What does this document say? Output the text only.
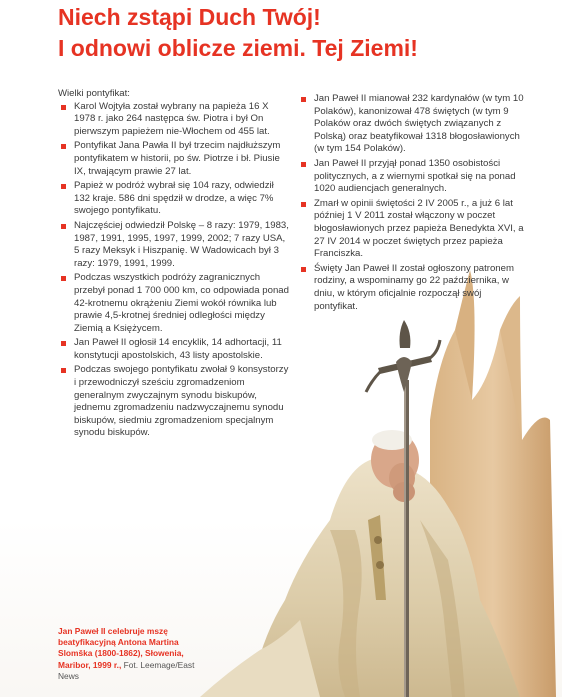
Niech zstąpi Duch Twój!
I odnowi oblicze ziemi. Tej Ziemi!
Wielki pontyfikat:
Karol Wojtyła został wybrany na papieża 16 X 1978 r. jako 264 następca św. Piotra i był On pierwszym papieżem nie-Włochem od 455 lat.
Pontyfikat Jana Pawła II był trzecim najdłuższym pontyfikatem w historii, po św. Piotrze i bł. Piusie IX, trwającym prawie 27 lat.
Papież w podróż wybrał się 104 razy, odwiedził 132 kraje. 586 dni spędził w drodze, a więc 7% swojego pontyfikatu.
Najczęściej odwiedził Polskę – 8 razy: 1979, 1983, 1987, 1991, 1995, 1997, 1999, 2002; 7 razy USA, 5 razy Meksyk i Hiszpanię. W Wadowicach był 3 razy: 1979, 1991, 1999.
Podczas wszystkich podróży zagranicznych przebył ponad 1 700 000 km, co odpowiada ponad 42-krotnemu okrążeniu Ziemi wokół równika lub prawie 4,5-krotnej średniej odległości między Ziemią a Księżycem.
Jan Paweł II ogłosił 14 encyklik, 14 adhortacji, 11 konstytucji apostolskich, 43 listy apostolskie.
Podczas swojego pontyfikatu zwołał 9 konsystorzy i przewodniczył sześciu zgromadzeniom generalnym zwyczajnym synodu biskupów, jednemu zgromadzeniu nadzwyczajnemu synodu biskupów, siedmiu zgromadzeniom specjalnym synodu biskupów.
Jan Paweł II mianował 232 kardynałów (w tym 10 Polaków), kanonizował 478 świętych (w tym 9 Polaków oraz dwóch świętych związanych z Polską) oraz beatyfikował 1318 błogosławionych (w tym 154 Polaków).
Jan Paweł II przyjął ponad 1350 osobistości politycznych, a z wiernymi spotkał się na ponad 1020 audiencjach generalnych.
Zmarł w opinii świętości 2 IV 2005 r., a już 6 lat później 1 V 2011 został włączony w poczet błogosławionych przez papieża Benedykta XVI, a 27 IV 2014 w poczet świętych przez papieża Franciszka.
Święty Jan Paweł II został ogłoszony patronem rodziny, a wspominamy go 22 października, w dniu, w którym oficjalnie rozpoczął swój pontyfikat.
Jan Paweł II celebruje mszę beatyfikacyjną Antona Martina Slomška (1800-1862), Słowenia, Maribor, 1999 r., Fot. Leemage/East News
